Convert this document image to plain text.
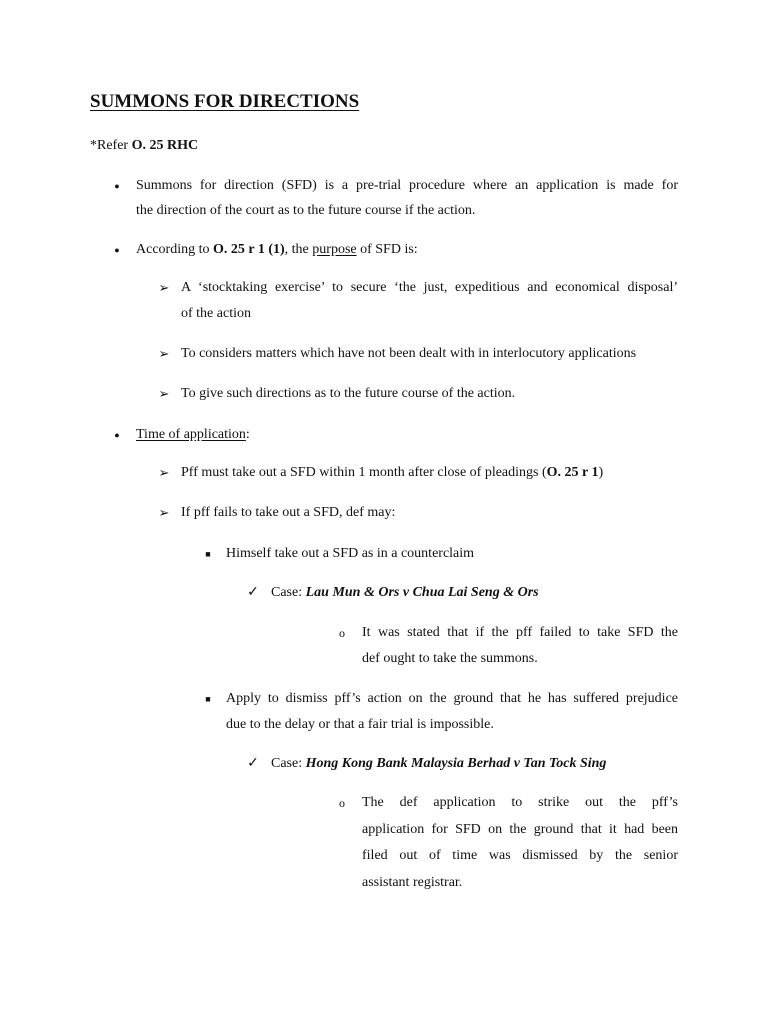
SUMMONS FOR DIRECTIONS
*Refer O. 25 RHC
●	Summons for direction (SFD) is a pre-trial procedure where an application is made for
the direction of the court as to the future course if the action.
●	According to O. 25 r 1 (1), the purpose of SFD is:
➢ A ‘stocktaking exercise’ to secure ‘the just, expeditious and economical disposal’
of the action
➢ To considers matters which have not been dealt with in interlocutory applications
➢ To give such directions as to the future course of the action.
●	Time of application:
➢ Pff must take out a SFD within 1 month after close of pleadings (O. 25 r 1)
➢ If pff fails to take out a SFD, def may:
■ Himself take out a SFD as in a counterclaim
✓ Case: Lau Mun & Ors v Chua Lai Seng & Ors
o It was stated that if the pff failed to take SFD the
def ought to take the summons.
■ Apply to dismiss pff’s action on the ground that he has suffered prejudice
due to the delay or that a fair trial is impossible.
✓ Case: Hong Kong Bank Malaysia Berhad v Tan Tock Sing
o The def application to strike out the pff’s
application for SFD on the ground that it had been
filed out of time was dismissed by the senior
assistant registrar.
